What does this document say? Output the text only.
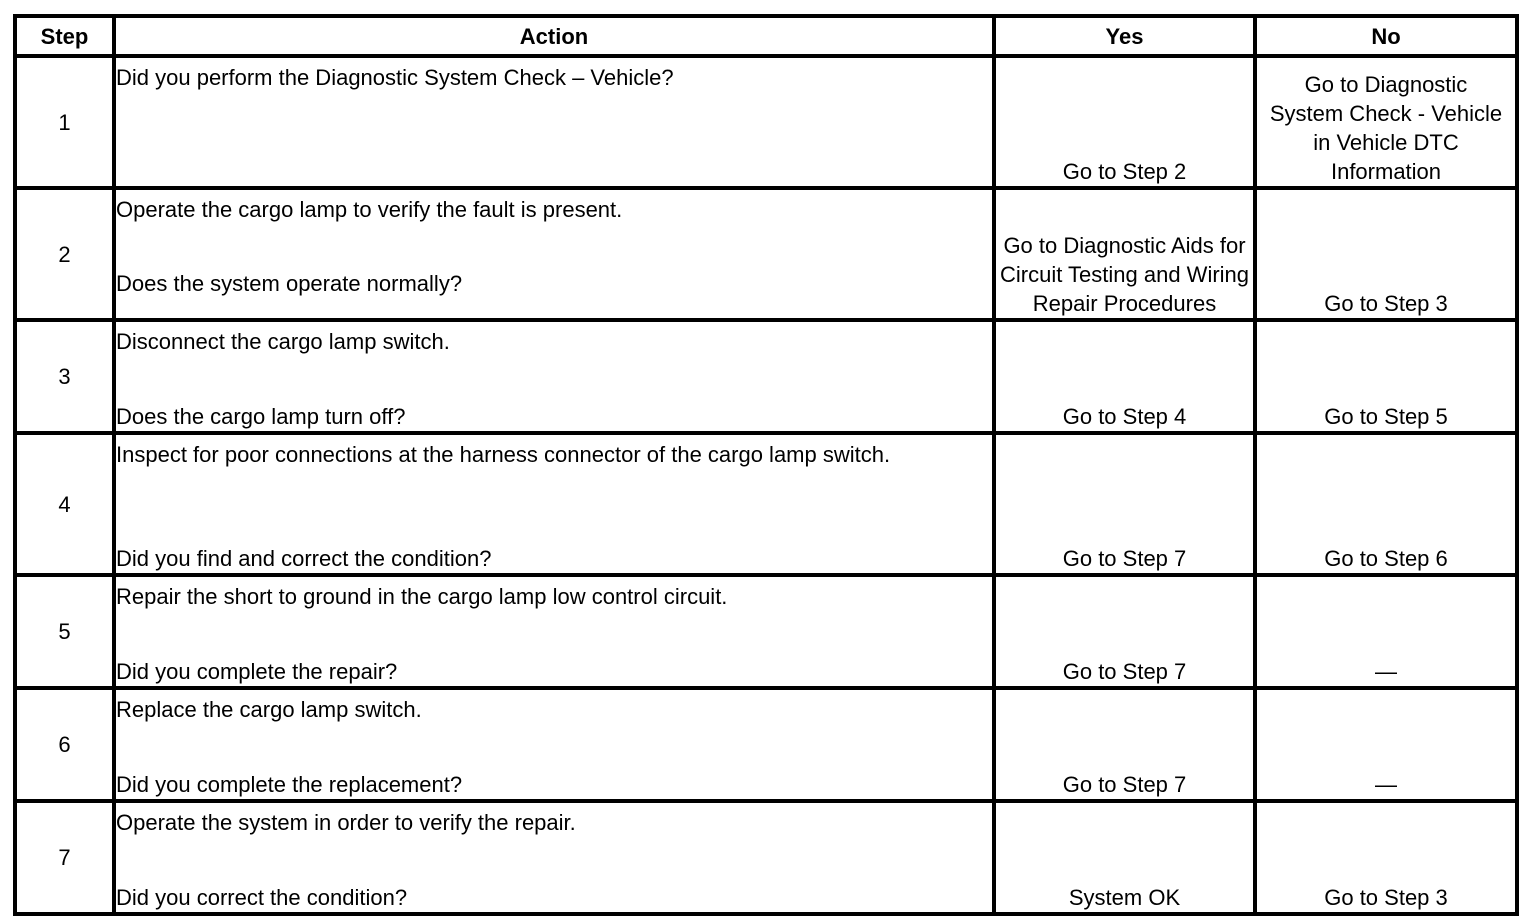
Step	Action	Yes	No
1	Did you perform the Diagnostic System Check – Vehicle?	Go to Step 2	Go to Diagnostic System Check - Vehicle in Vehicle DTC Information

2	Operate the cargo lamp to verify the fault is present.
Does the system operate normally?	Go to Diagnostic Aids for Circuit Testing and Wiring Repair Procedures	Go to Step 3

3	Disconnect the cargo lamp switch.
Does the cargo lamp turn off?	Go to Step 4	Go to Step 5

4	Inspect for poor connections at the harness connector of the cargo lamp switch.
Did you find and correct the condition?	Go to Step 7	Go to Step 6

5	Repair the short to ground in the cargo lamp low control circuit.
Did you complete the repair?	Go to Step 7	—

6	Replace the cargo lamp switch.
Did you complete the replacement?	Go to Step 7	—

7	Operate the system in order to verify the repair.
Did you correct the condition?	System OK	Go to Step 3
